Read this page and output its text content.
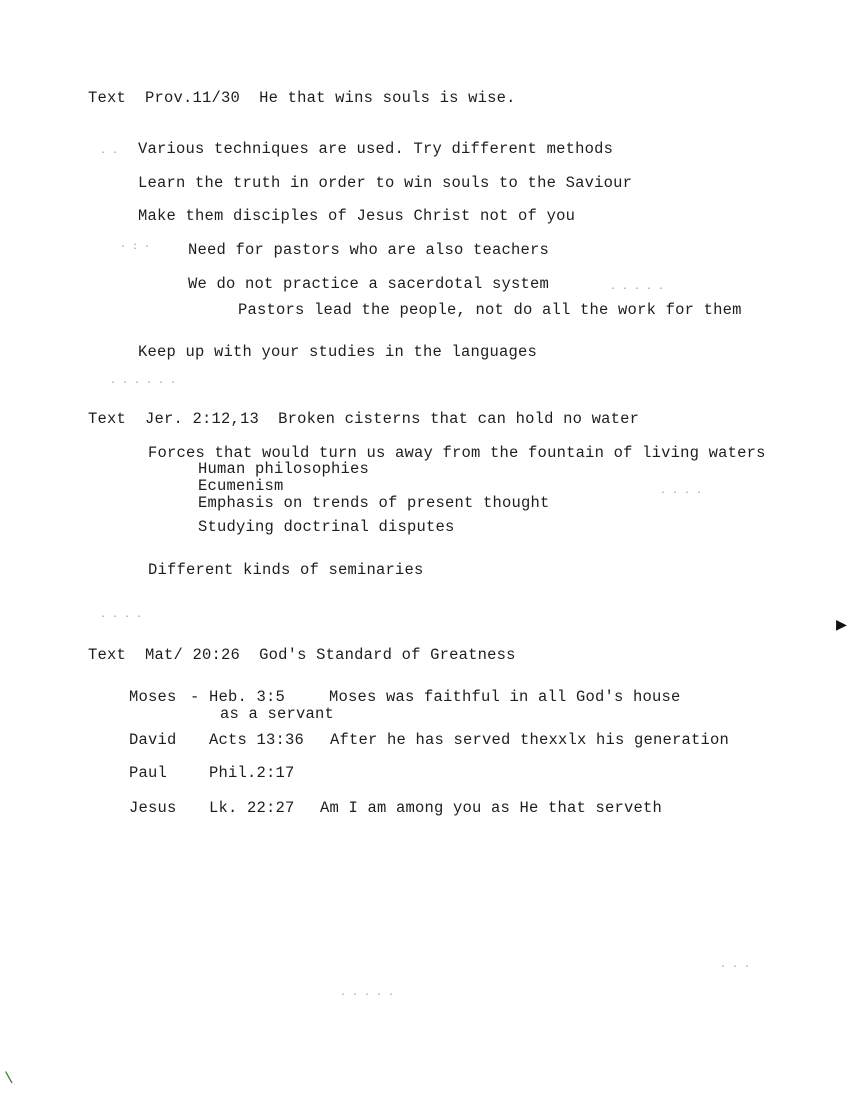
Text Prov.11/30 He that wins souls is wise.
Various techniques are used. Try different methods
Learn the truth in order to win souls to the Saviour
Make them disciples of Jesus Christ not of you
Need for pastors who are also teachers
We do not practice a sacerdotal system
Pastors lead the people, not do all the work for them
Keep up with your studies in the languages
Text Jer. 2:12,13 Broken cisterns that can hold no water
Forces that would turn us away from the fountain of living waters
Human philosophies
Ecumenism
Emphasis on trends of present thought
Studying doctrinal disputes
Different kinds of seminaries
Text Mat/ 20:26 God's Standard of Greatness
Moses - Heb. 3:5	Moses was faithful in all God's house
as a servant
David Acts 13:36 After he has served thexxlx his generation
Paul	Phil.2:17
Jesus Lk. 22:27 Am I am among you as He that serveth
▶
· ·
· : ·
· · · · ·
· · · · · ·
· · · ·
· · · ·
· · ·
· · · · ·
\
